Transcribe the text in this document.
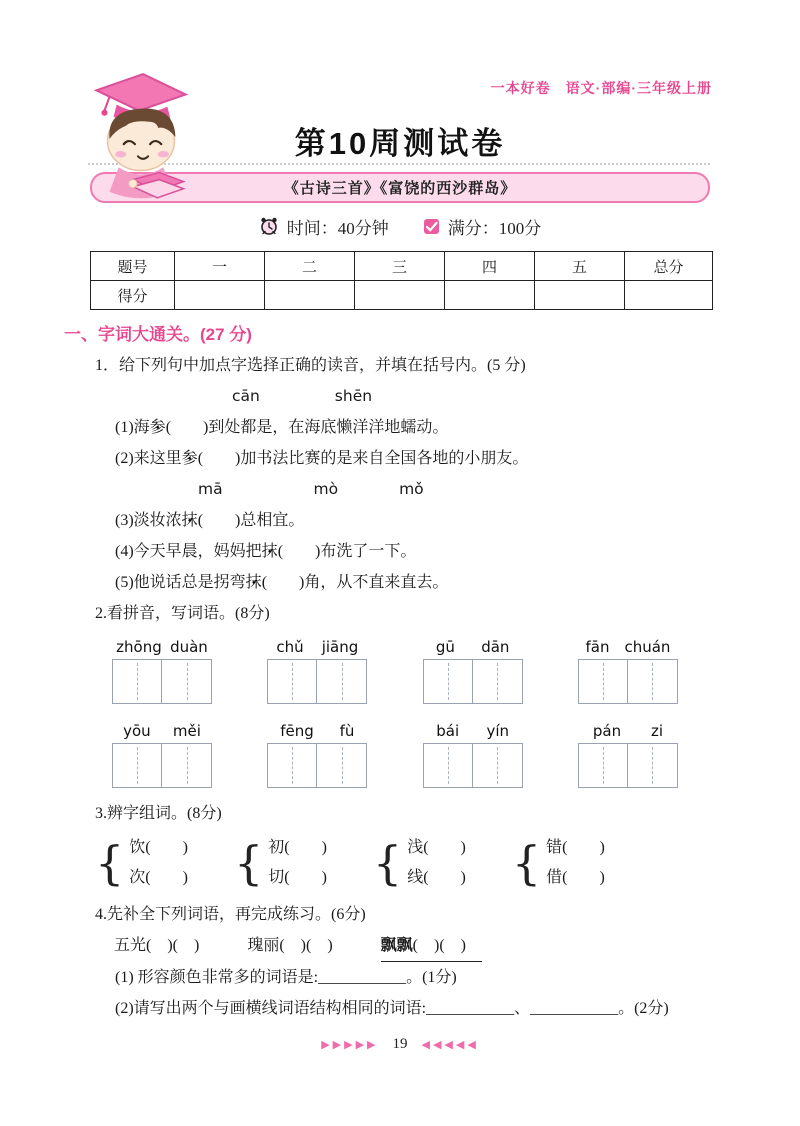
一本好卷　语文·部编·三年级上册
第10周测试卷
《古诗三首》《富饶的西沙群岛》
时间：40分钟	满分：100分
题号	一	二	三	四	五	总分
得分						
一、字词大通关。(27 分)

1．给下列句中加点字选择正确的读音，并填在括号内。(5 分)

cān	shēn

(1)海参 ●(　　)到处都是，在海底懒洋洋地蠕动。

(2)来这里参 ●(　　)加书法比赛的是来自全国各地的小朋友。

mā	mò	mǒ

(3)淡妆浓抹 ●(　　)总相宜。

(4)今天早晨，妈妈把抹 ●(　　)布洗了一下。

(5)他说话总是拐弯抹 ●(　　)角，从不直来直去。

2.看拼音，写词语。(8分)

zhōng duàn	chǔ jiāng	gū dān	fān chuán
yōu měi	fēng fù	bái yín	pán zi

3.辨字组词。(8分)

{ 饮(　　)

次(　　)

{ 初(　　)

切(　　)

{ 浅(　　)

线(　　)

{ 错(　　)

借(　　)

4.先补全下列词语，再完成练习。(6分)

五光(　)(　)	瑰丽(　)(　)	飘飘(　)(　)

(1) 形容颜色非常多的词语是:___________。(1分)

(2)请写出两个与画横线词语结构相同的词语:___________、___________。(2分)

▶▶▶▶▶ 19 ◀◀◀◀◀
